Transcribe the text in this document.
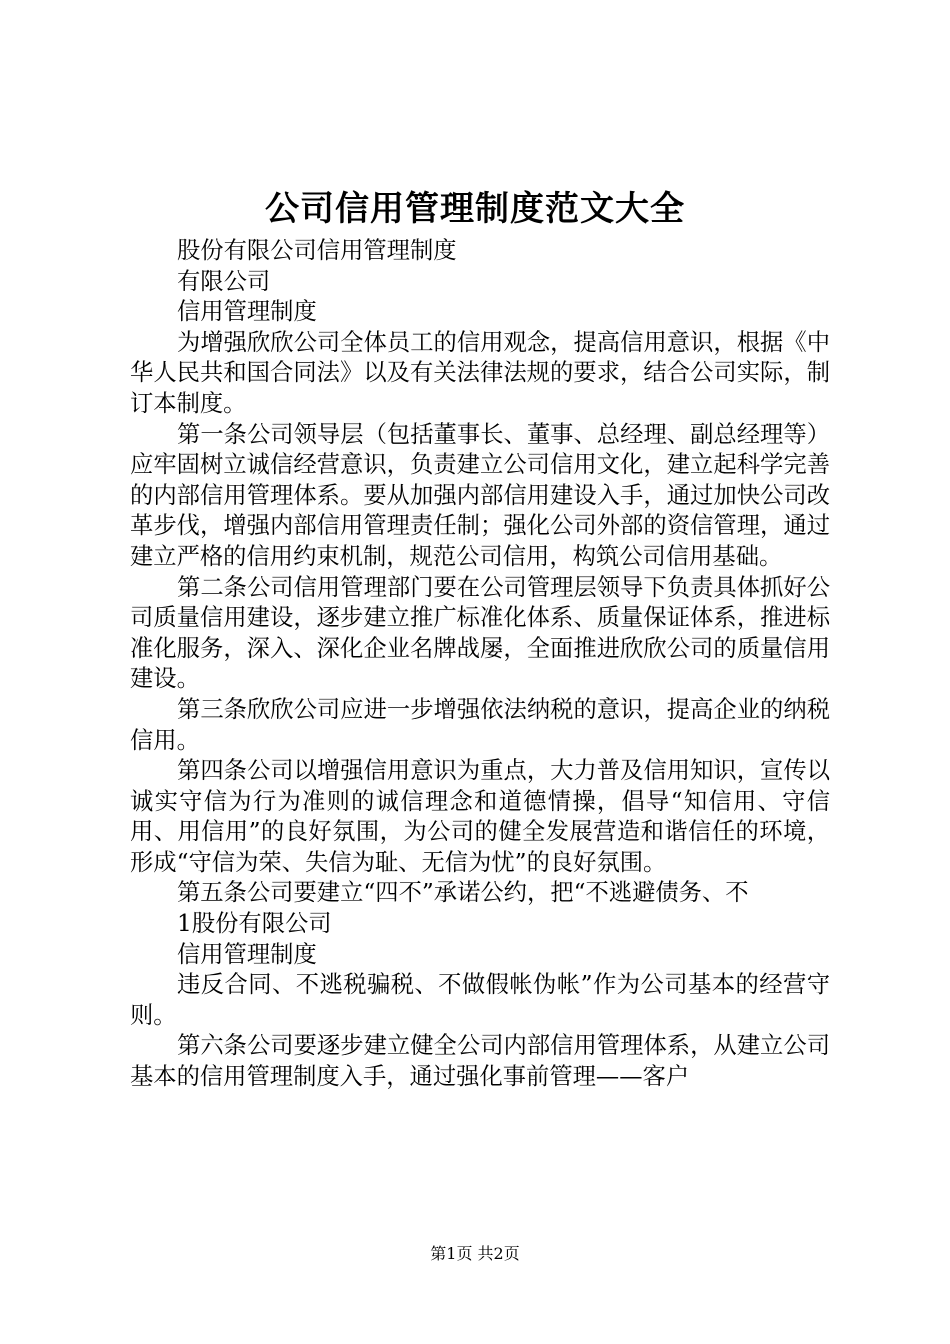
公司信用管理制度范文大全

股份有限公司信用管理制度

有限公司

信用管理制度

为增强欣欣公司全体员工的信用观念，提高信用意识，根据《中华人民共和国合同法》以及有关法律法规的要求，结合公司实际，制订本制度。

第一条公司领导层（包括董事长、董事、总经理、副总经理等）应牢固树立诚信经营意识，负责建立公司信用文化，建立起科学完善的内部信用管理体系。要从加强内部信用建设入手，通过加快公司改革步伐，增强内部信用管理责任制；强化公司外部的资信管理，通过建立严格的信用约束机制，规范公司信用，构筑公司信用基础。

第二条公司信用管理部门要在公司管理层领导下负责具体抓好公司质量信用建设，逐步建立推广标准化体系、质量保证体系，推进标准化服务，深入、深化企业名牌战屡，全面推进欣欣公司的质量信用建设。

第三条欣欣公司应进一步增强依法纳税的意识，提高企业的纳税信用。

第四条公司以增强信用意识为重点，大力普及信用知识，宣传以诚实守信为行为准则的诚信理念和道德情操，倡导“知信用、守信用、用信用”的良好氛围，为公司的健全发展营造和谐信任的环境，形成“守信为荣、失信为耻、无信为忧”的良好氛围。

第五条公司要建立“四不”承诺公约，把“不逃避债务、不

1股份有限公司

信用管理制度

违反合同、不逃税骗税、不做假帐伪帐”作为公司基本的经营守则。

第六条公司要逐步建立健全公司内部信用管理体系，从建立公司基本的信用管理制度入手，通过强化事前管理——客户

第1页 共2页
